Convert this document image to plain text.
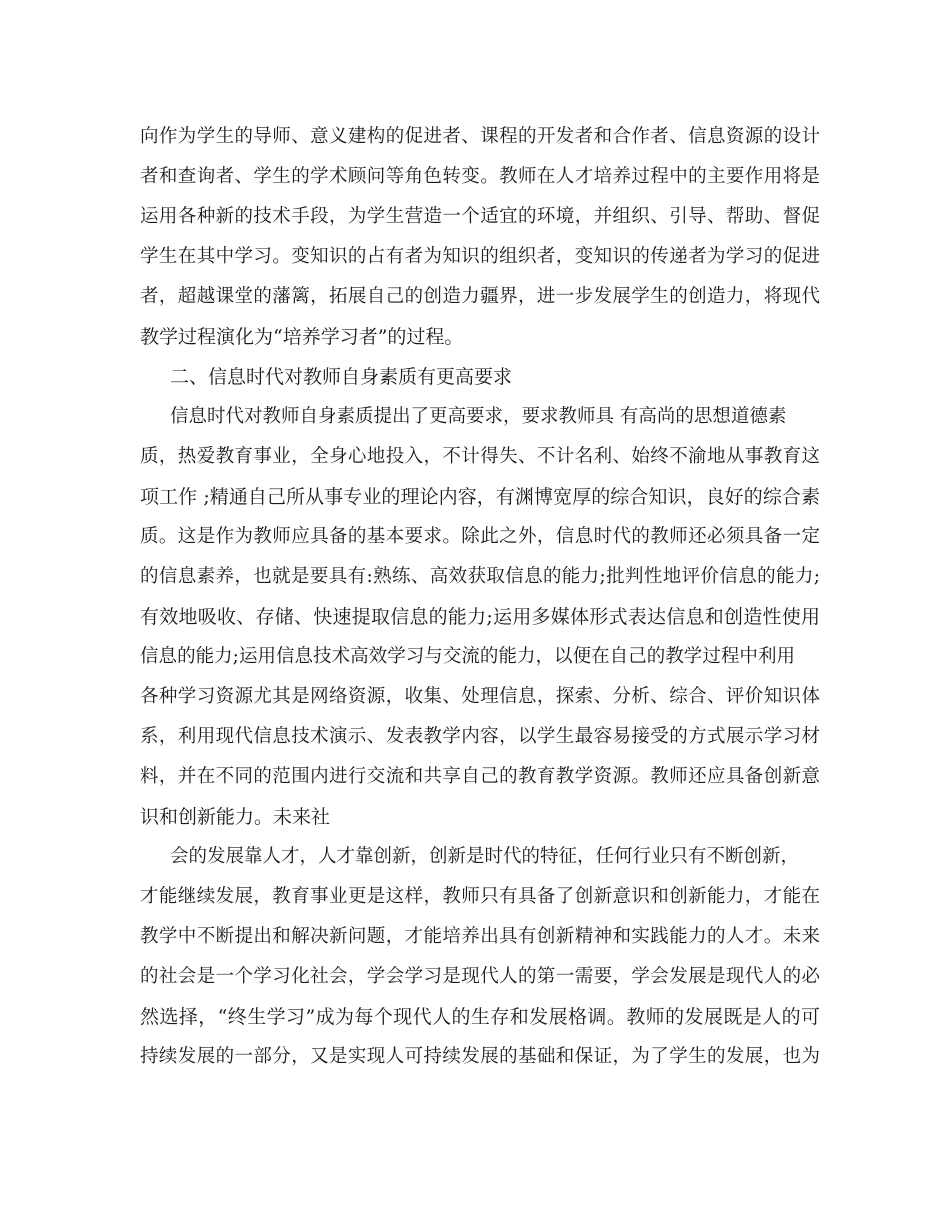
向作为学生的导师、意义建构的促进者、课程的开发者和合作者、信息资源的设计
者和查询者、学生的学术顾问等角色转变。教师在人才培养过程中的主要作用将是
运用各种新的技术手段，为学生营造一个适宜的环境，并组织、引导、帮助、督促
学生在其中学习。变知识的占有者为知识的组织者，变知识的传递者为学习的促进
者，超越课堂的藩篱，拓展自己的创造力疆界，进一步发展学生的创造力，将现代
教学过程演化为“培养学习者”的过程。
二、信息时代对教师自身素质有更高要求
信息时代对教师自身素质提出了更高要求，要求教师具 有高尚的思想道德素
质，热爱教育事业，全身心地投入，不计得失、不计名利、始终不渝地从事教育这
项工作 ;精通自己所从事专业的理论内容，有渊博宽厚的综合知识，良好的综合素
质。这是作为教师应具备的基本要求。除此之外，信息时代的教师还必须具备一定
的信息素养，也就是要具有:熟练、高效获取信息的能力;批判性地评价信息的能力;
有效地吸收、存储、快速提取信息的能力;运用多媒体形式表达信息和创造性使用
信息的能力;运用信息技术高效学习与交流的能力，以便在自己的教学过程中利用
各种学习资源尤其是网络资源，收集、处理信息，探索、分析、综合、评价知识体
系，利用现代信息技术演示、发表教学内容，以学生最容易接受的方式展示学习材
料，并在不同的范围内进行交流和共享自己的教育教学资源。教师还应具备创新意
识和创新能力。未来社
会的发展靠人才，人才靠创新，创新是时代的特征，任何行业只有不断创新，
才能继续发展，教育事业更是这样，教师只有具备了创新意识和创新能力，才能在
教学中不断提出和解决新问题，才能培养出具有创新精神和实践能力的人才。未来
的社会是一个学习化社会，学会学习是现代人的第一需要，学会发展是现代人的必
然选择，“终生学习”成为每个现代人的生存和发展格调。教师的发展既是人的可
持续发展的一部分，又是实现人可持续发展的基础和保证，为了学生的发展，也为
